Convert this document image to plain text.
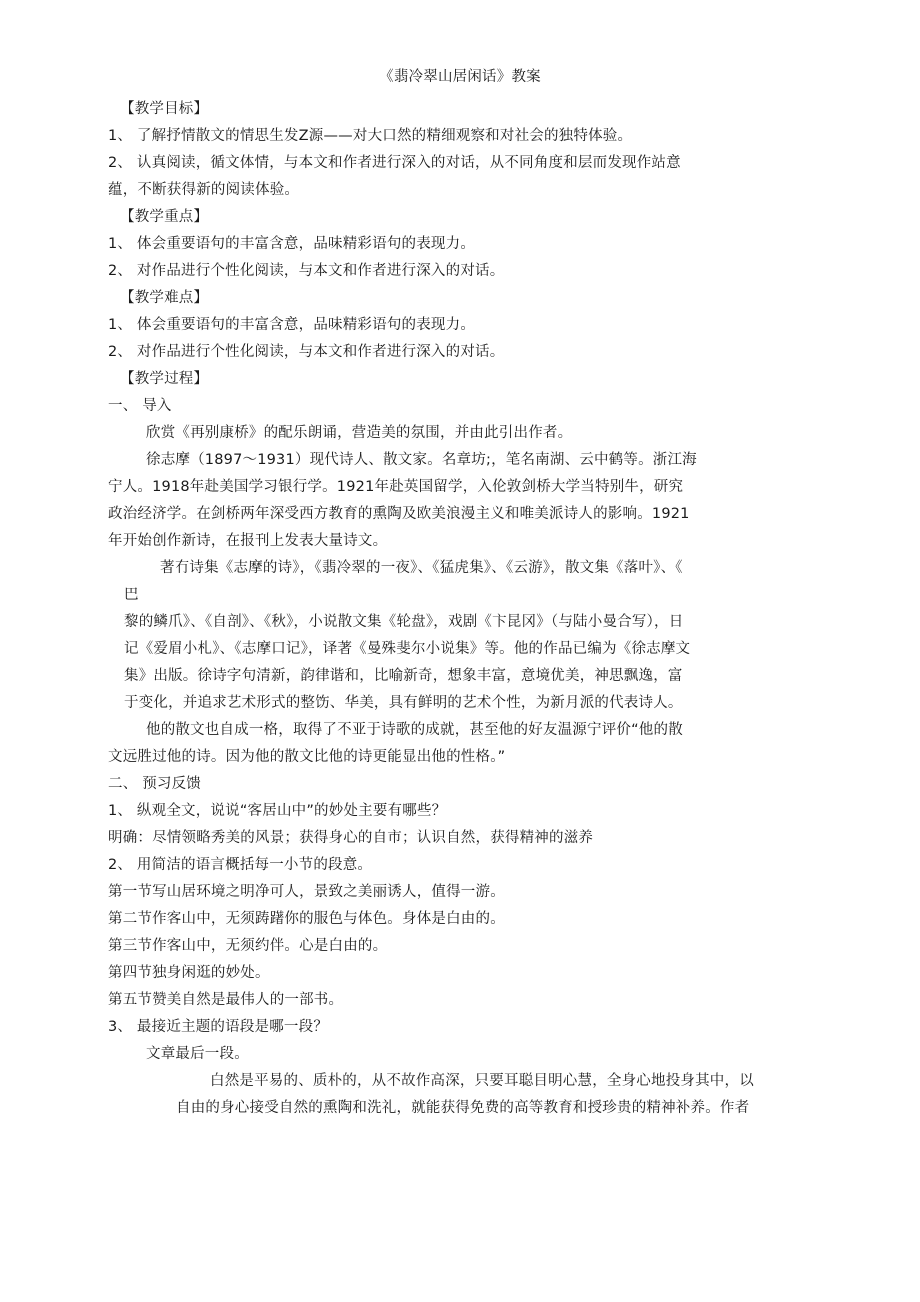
《翡冷翠山居闲话》教案
【教学目标】
1、 了解抒情散文的情思生发Z源——对大口然的精细观察和对社会的独特体验。
2、 认真阅读，循文体情，与本文和作者进行深入的对话，从不同角度和层而发现作站意
蕴，不断获得新的阅读体验。
【教学重点】
1、 体会重要语句的丰富含意，品味精彩语句的表现力。
2、 对作品进行个性化阅读，与本文和作者进行深入的对话。
【教学难点】
1、 体会重要语句的丰富含意，品味精彩语句的表现力。
2、 对作品进行个性化阅读，与本文和作者进行深入的对话。
【教学过程】
一、 导入
欣赏《再别康桥》的配乐朗诵，营造美的氛围，并由此引出作者。
徐志摩（1897～1931）现代诗人、散文家。名章坊;，笔名南湖、云中鹤等。浙江海
宁人。1918年赴美国学习银行学。1921年赴英国留学，入伦敦剑桥大学当特别牛，研究
政治经济学。在剑桥两年深受西方教育的熏陶及欧美浪漫主义和唯美派诗人的影响。1921
年开始创作新诗，在报刊上发表大量诗文。
著冇诗集《志摩的诗》，《翡冷翠的一夜》、《猛虎集》、《云游》，散文集《落叶》、《
巴
黎的鳞爪》、《自剖》、《秋》，小说散文集《轮盘》，戏剧《卞昆冈》（与陆小曼合写），日
记《爱眉小札》、《志摩口记》，译著《曼殊斐尔小说集》等。他的作品已编为《徐志摩文
集》出版。徐诗字句清新，韵律谐和，比喻新奇，想象丰富，意境优美，神思飘逸，富
于变化，并追求艺术形式的整饬、华美，具有鲜明的艺术个性，为新月派的代表诗人。
他的散文也自成一格，取得了不亚于诗歌的成就，甚至他的好友温源宁评价“他的散
文远胜过他的诗。因为他的散文比他的诗更能显出他的性格。”
二、 预习反馈
1、 纵观全文，说说“客居山中”的妙处主要有哪些？
明确：尽情领略秀美的风景；获得身心的自市；认识自然，获得精神的滋养
2、 用简洁的语言概括每一小节的段意。
第一节写山居环境之明净可人，景致之美丽诱人，值得一游。
第二节作客山中，无须踌躇你的服色与体色。身体是白由的。
第三节作客山中，无须约伴。心是白由的。
第四节独身闲逛的妙处。
第五节赞美自然是最伟人的一部书。
3、 最接近主题的语段是哪一段？
文章最后一段。
白然是平易的、质朴的，从不故作高深，只要耳聪目明心慧，全身心地投身其中，以
自由的身心接受自然的熏陶和洗礼，就能获得免费的高等教育和授珍贵的精神补养。作者
